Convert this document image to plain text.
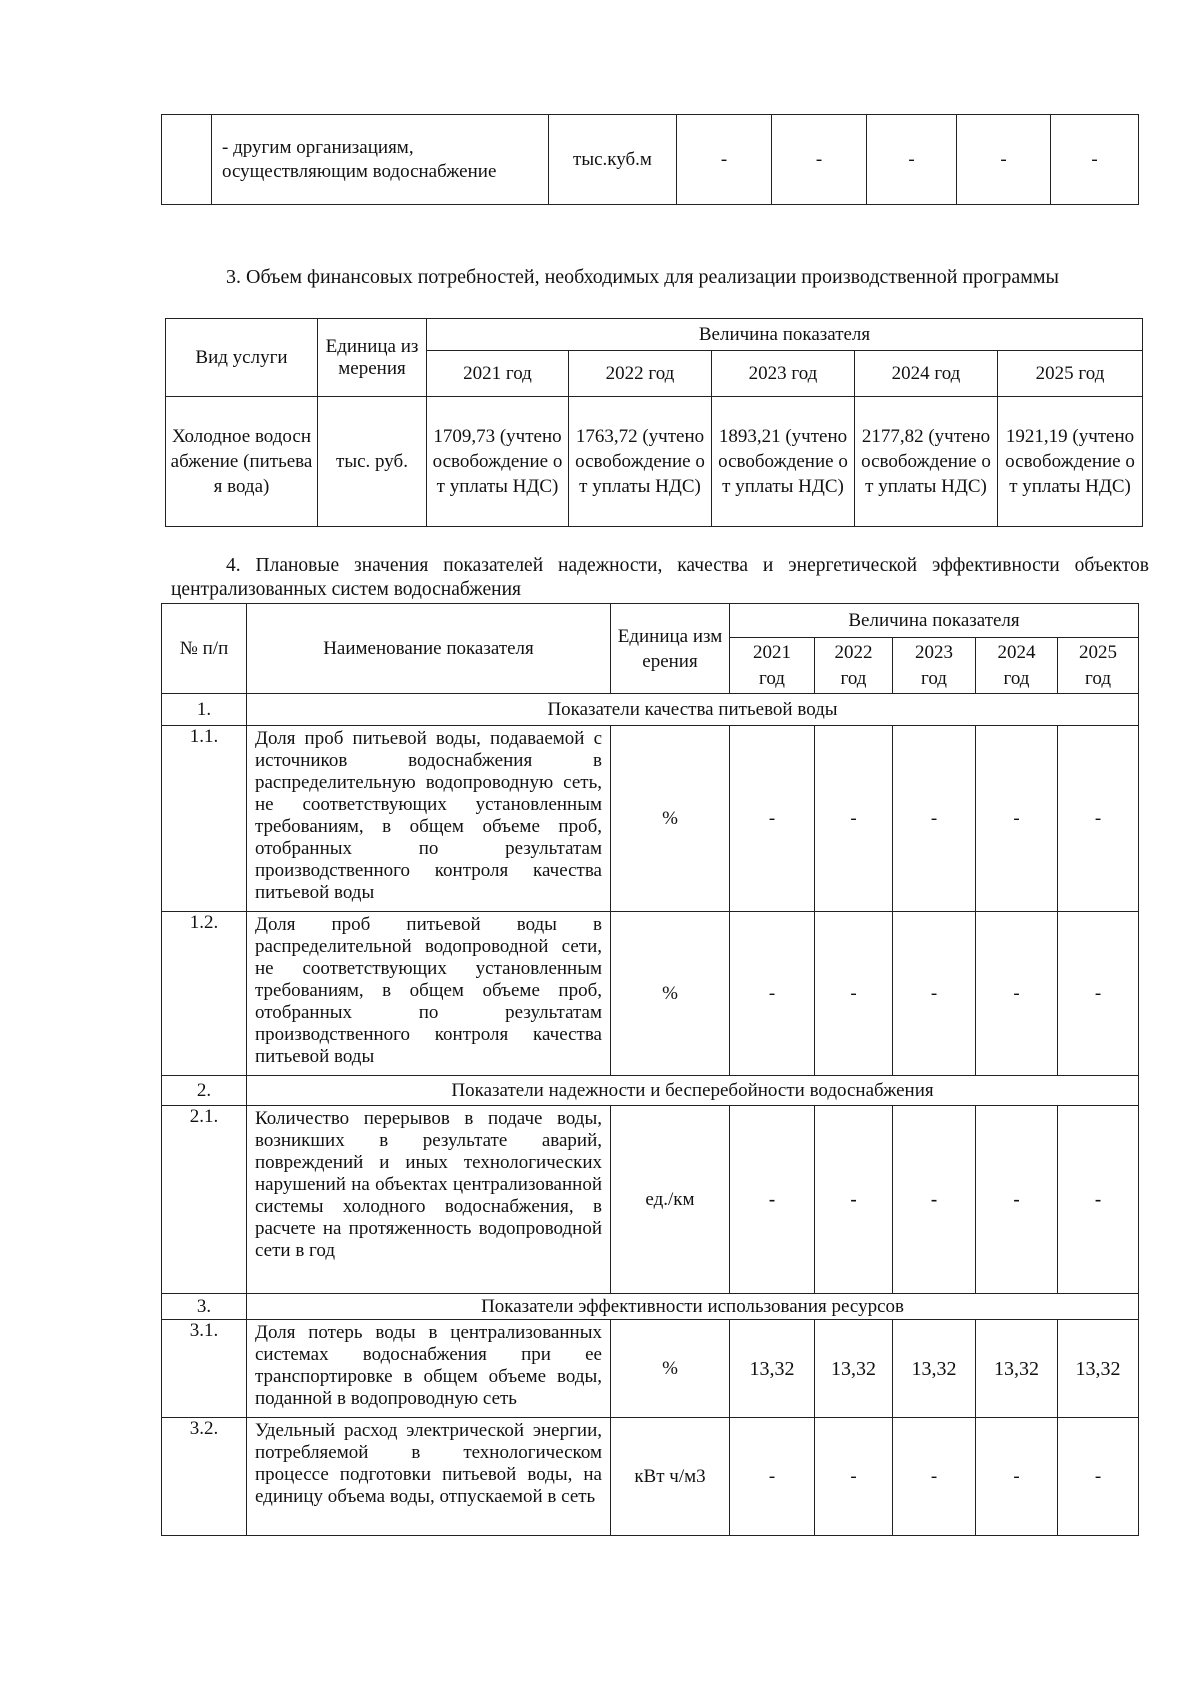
	- другим организациям, осуществляющим водоснабжение	тыс.куб.м	-	-	-	-	-
3. Объем финансовых потребностей, необходимых для реализации производственной программы
Вид услуги	Единица измерения	Величина показателя				
		2021 год	2022 год	2023 год	2024 год	2025 год
Холодное водоснабжение (питьевая вода)	тыс. руб.	1709,73 (учтено освобождение от уплаты НДС)	1763,72 (учтено освобождение от уплаты НДС)	1893,21 (учтено освобождение от уплаты НДС)	2177,82 (учтено освобождение от уплаты НДС)	1921,19 (учтено освобождение от уплаты НДС)
4. Плановые значения показателей надежности, качества и энергетической эффективности объектов централизованных систем водоснабжения
№ п/п	Наименование показателя	Единица измерения	Величина показателя				
			2021 год	2022 год	2023 год	2024 год	2025 год
1.	Показатели качества питьевой воды						
1.1.	Доля проб питьевой воды, подаваемой с источников водоснабжения в распределительную водопроводную сеть, не соответствующих установленным требованиям, в общем объеме проб, отобранных по результатам производственного контроля качества питьевой воды	%	-	-	-	-	-
1.2.	Доля проб питьевой воды в распределительной водопроводной сети, не соответствующих установленным требованиям, в общем объеме проб, отобранных по результатам производственного контроля качества питьевой воды	%	-	-	-	-	-
2.	Показатели надежности и бесперебойности водоснабжения						
2.1.	Количество перерывов в подаче воды, возникших в результате аварий, повреждений и иных технологических нарушений на объектах централизованной системы холодного водоснабжения, в расчете на протяженность водопроводной сети в год	ед./км	-	-	-	-	-
3.	Показатели эффективности использования ресурсов						
3.1.	Доля потерь воды в централизованных системах водоснабжения при ее транспортировке в общем объеме воды, поданной в водопроводную сеть	%	13,32	13,32	13,32	13,32	13,32
3.2.	Удельный расход электрической энергии, потребляемой в технологическом процессе подготовки питьевой воды, на единицу объема воды, отпускаемой в сеть	кВт ч/м3	-	-	-	-	-
